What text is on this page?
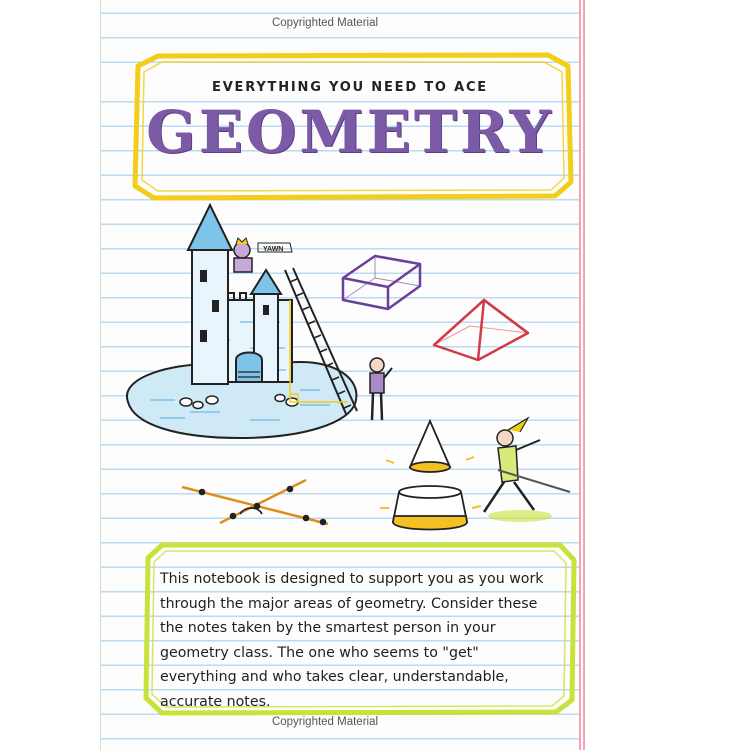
Copyrighted Material
YAWN
EVERYTHING YOU NEED TO ACE
GEOMETRY

This notebook is designed to support you as you work through the major areas of geometry. Consider these the notes taken by the smartest person in your geometry class. The one who seems to "get" everything and who takes clear, understandable, accurate notes.

Copyrighted Material
